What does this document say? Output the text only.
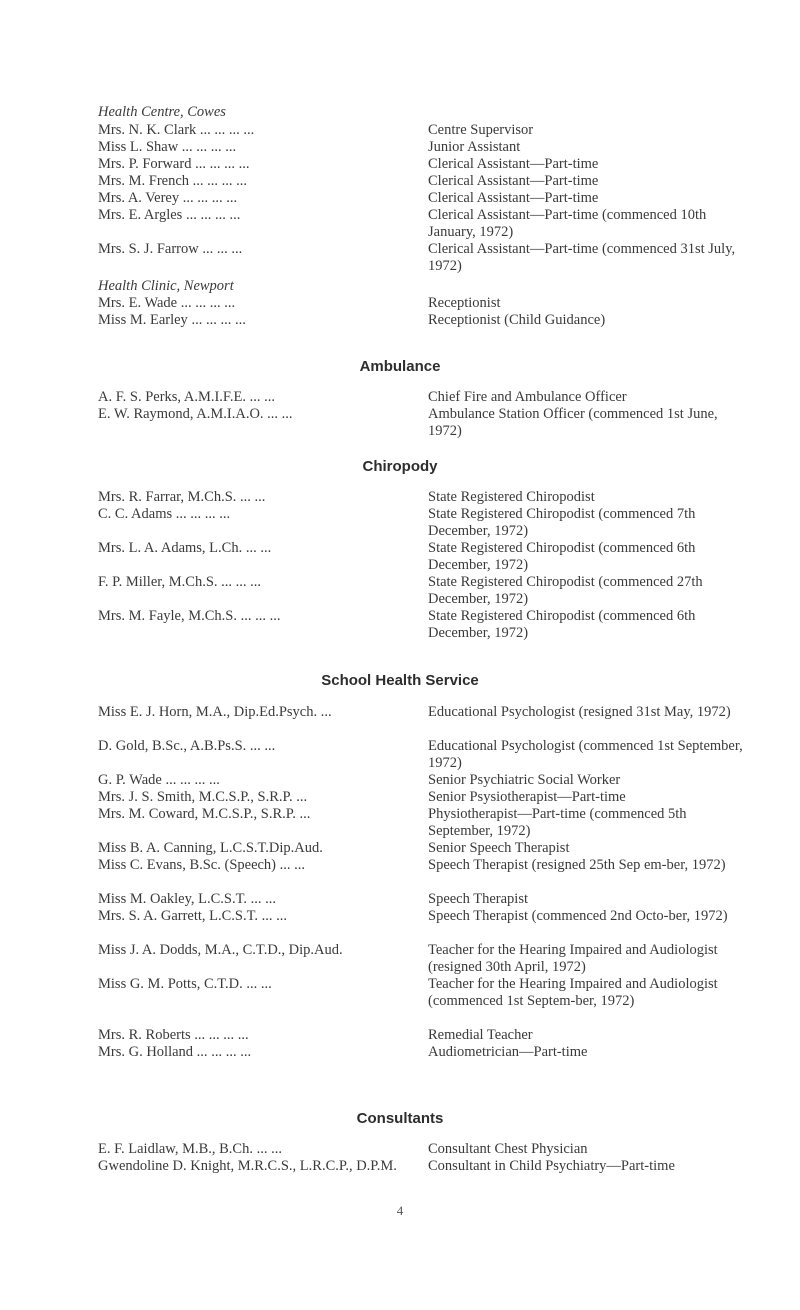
Health Centre, Cowes
Mrs. N. K. Clark ... ... ... ...	Centre Supervisor
Miss L. Shaw ... ... ... ...	Junior Assistant
Mrs. P. Forward ... ... ... ...	Clerical Assistant—Part-time
Mrs. M. French ... ... ... ...	Clerical Assistant—Part-time
Mrs. A. Verey ... ... ... ...	Clerical Assistant—Part-time
Mrs. E. Argles ... ... ... ...	Clerical Assistant—Part-time (commenced 10th January, 1972)
Mrs. S. J. Farrow ... ... ...	Clerical Assistant—Part-time (commenced 31st July, 1972)
Health Clinic, Newport
Mrs. E. Wade ... ... ... ...	Receptionist
Miss M. Earley ... ... ... ...	Receptionist (Child Guidance)
Ambulance
A. F. S. Perks, A.M.I.F.E. ... ...	Chief Fire and Ambulance Officer
E. W. Raymond, A.M.I.A.O. ... ...	Ambulance Station Officer (commenced 1st June, 1972)
Chiropody
Mrs. R. Farrar, M.Ch.S. ... ...	State Registered Chiropodist
C. C. Adams ... ... ... ...	State Registered Chiropodist (commenced 7th December, 1972)
Mrs. L. A. Adams, L.Ch. ... ...	State Registered Chiropodist (commenced 6th December, 1972)
F. P. Miller, M.Ch.S. ... ... ...	State Registered Chiropodist (commenced 27th December, 1972)
Mrs. M. Fayle, M.Ch.S. ... ... ...	State Registered Chiropodist (commenced 6th December, 1972)
School Health Service
Miss E. J. Horn, M.A., Dip.Ed.Psych. ...	Educational Psychologist (resigned 31st May, 1972)
D. Gold, B.Sc., A.B.Ps.S. ... ...	Educational Psychologist (commenced 1st September, 1972)
G. P. Wade ... ... ... ...	Senior Psychiatric Social Worker
Mrs. J. S. Smith, M.C.S.P., S.R.P. ...	Senior Psysiotherapist—Part-time
Mrs. M. Coward, M.C.S.P., S.R.P. ...	Physiotherapist—Part-time (commenced 5th September, 1972)
Miss B. A. Canning, L.C.S.T.Dip.Aud.	Senior Speech Therapist
Miss C. Evans, B.Sc. (Speech) ... ...	Speech Therapist (resigned 25th Sep em-ber, 1972)
Miss M. Oakley, L.C.S.T. ... ...	Speech Therapist
Mrs. S. A. Garrett, L.C.S.T. ... ...	Speech Therapist (commenced 2nd Octo-ber, 1972)
Miss J. A. Dodds, M.A., C.T.D., Dip.Aud.	Teacher for the Hearing Impaired and Audiologist (resigned 30th April, 1972)
Miss G. M. Potts, C.T.D. ... ...	Teacher for the Hearing Impaired and Audiologist (commenced 1st Septem-ber, 1972)
Mrs. R. Roberts ... ... ... ...	Remedial Teacher
Mrs. G. Holland ... ... ... ...	Audiometrician—Part-time
Consultants
E. F. Laidlaw, M.B., B.Ch. ... ...	Consultant Chest Physician
Gwendoline D. Knight, M.R.C.S., L.R.C.P., D.P.M. Consultant in Child Psychiatry—Part-time
4
